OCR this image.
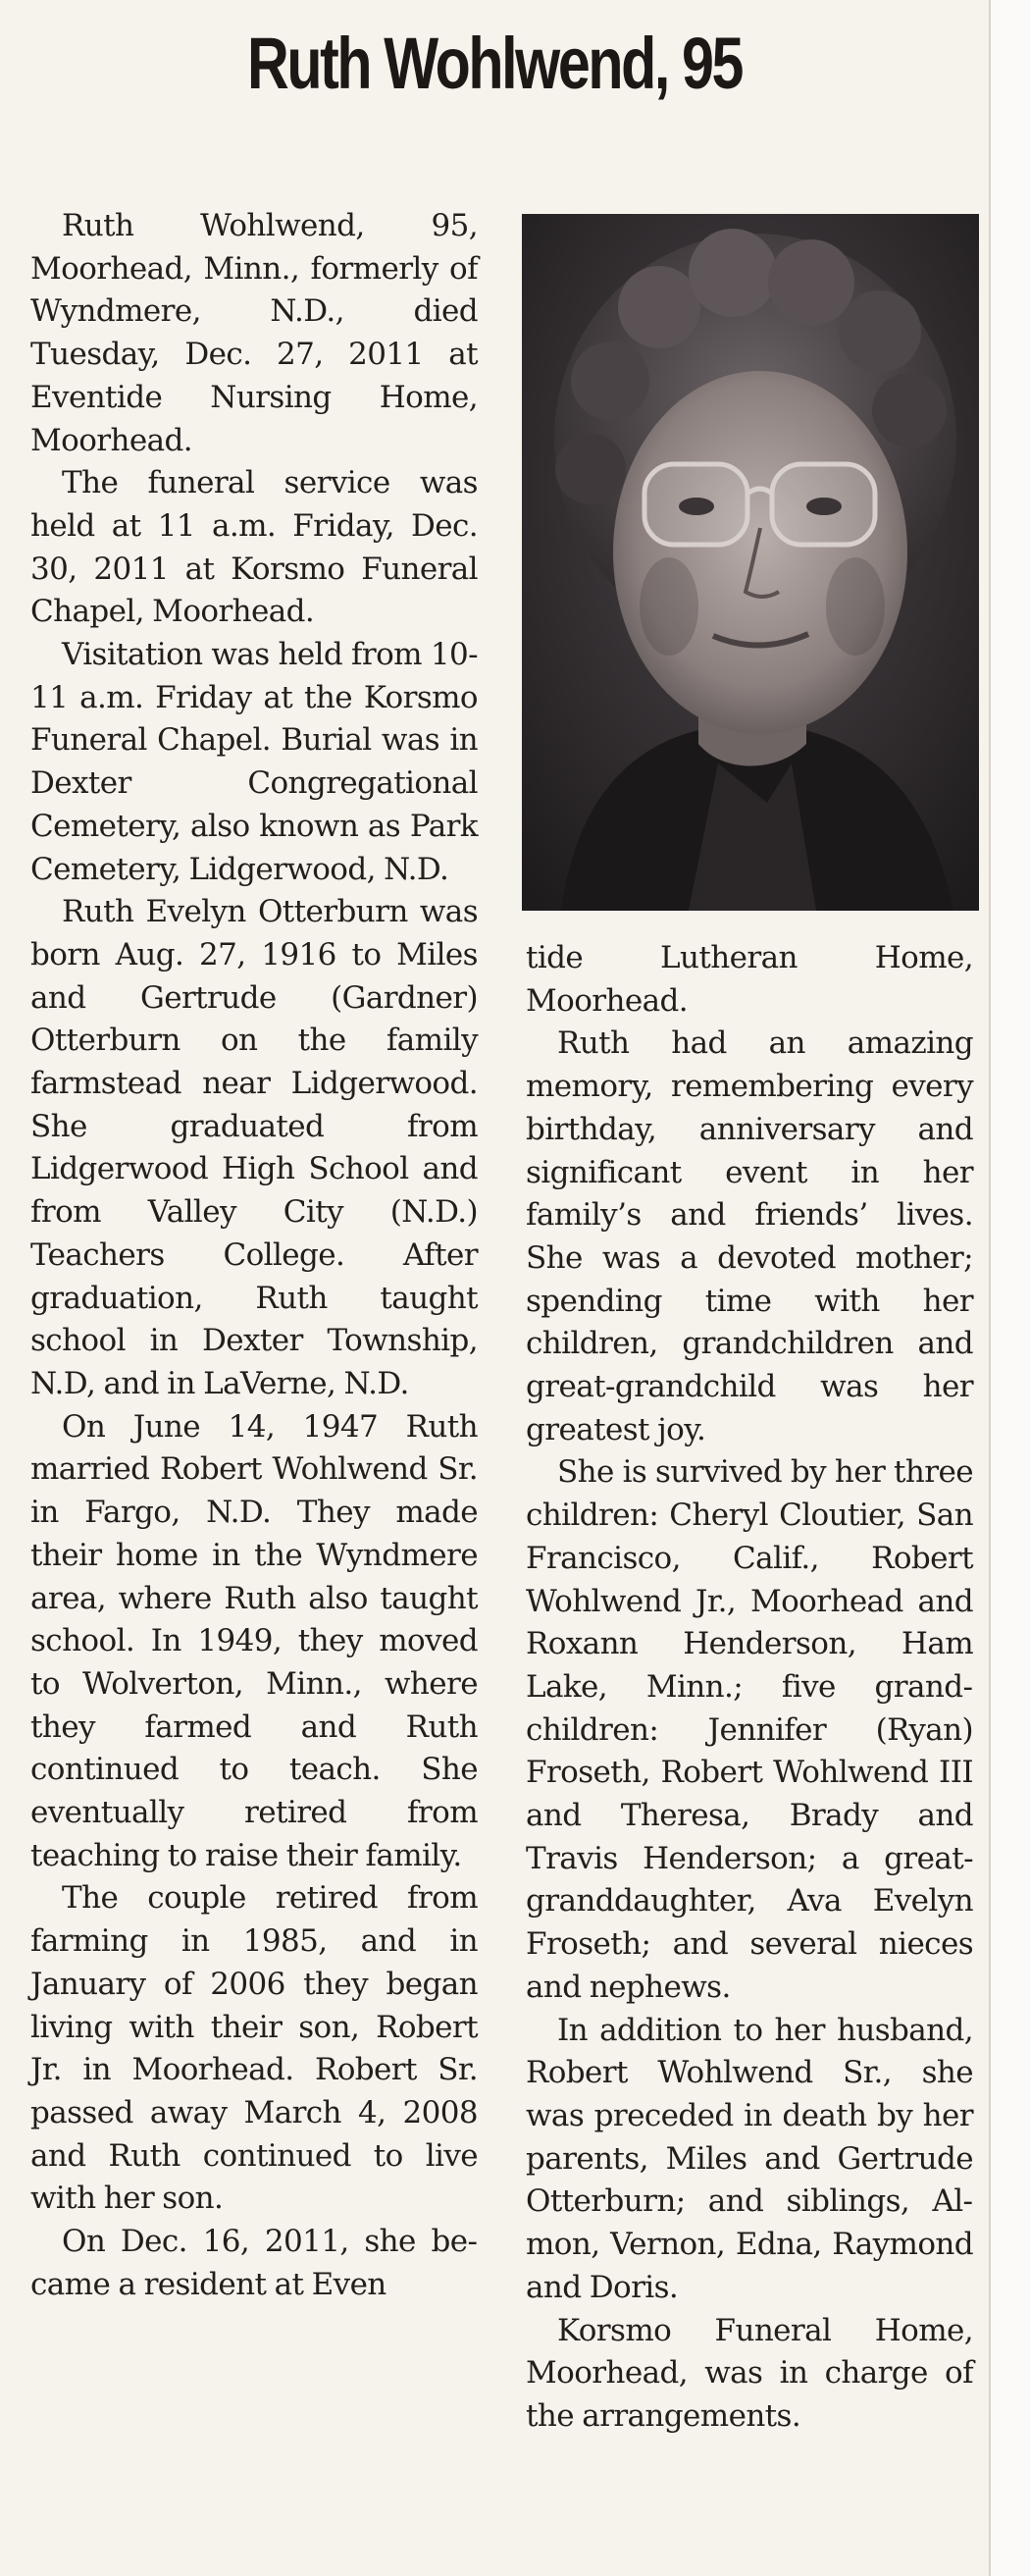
Ruth Wohlwend, 95

Ruth Wohlwend, 95, Moorhead, Minn., formerly of Wyndmere, N.D., died Tuesday, Dec. 27, 2011 at Eventide Nursing Home, Moorhead.

The funeral service was held at 11 a.m. Friday, Dec. 30, 2011 at Korsmo Funeral Chapel, Moorhead.

Visitation was held from 10-11 a.m. Friday at the Korsmo Funeral Chapel. Burial was in Dexter Congregational Cemetery, also known as Park Cemetery, Lidgerwood, N.D.

Ruth Evelyn Otterburn was born Aug. 27, 1916 to Miles and Gertrude (Gardner) Otterburn on the family farmstead near Lidgerwood. She graduated from Lidgerwood High School and from Valley City (N.D.) Teachers College. After graduation, Ruth taught school in Dexter Township, N.D, and in LaVerne, N.D.

On June 14, 1947 Ruth married Robert Wohlwend Sr. in Fargo, N.D. They made their home in the Wyndmere area, where Ruth also taught school. In 1949, they moved to Wolverton, Minn., where they farmed and Ruth continued to teach. She eventually retired from teaching to raise their family.

The couple retired from farming in 1985, and in January of 2006 they began living with their son, Robert Jr. in Moorhead. Robert Sr. passed away March 4, 2008 and Ruth continued to live with her son.

On Dec. 16, 2011, she became a resident at Even

tide Lutheran Home, Moorhead.

Ruth had an amazing memory, remembering every birthday, anniversary and significant event in her family’s and friends’ lives. She was a devoted mother; spending time with her children, grandchildren and great-grandchild was her greatest joy.

She is survived by her three children: Cheryl Cloutier, San Francisco, Calif., Robert Wohlwend Jr., Moorhead and Roxann Henderson, Ham Lake, Minn.; five grandchildren: Jennifer (Ryan) Froseth, Robert Wohlwend III and Theresa, Brady and Travis Henderson; a great-granddaughter, Ava Evelyn Froseth; and several nieces and nephews.

In addition to her husband, Robert Wohlwend Sr., she was preceded in death by her parents, Miles and Gertrude Otterburn; and siblings, Almon, Vernon, Edna, Raymond and Doris.

Korsmo Funeral Home, Moorhead, was in charge of the arrangements.
